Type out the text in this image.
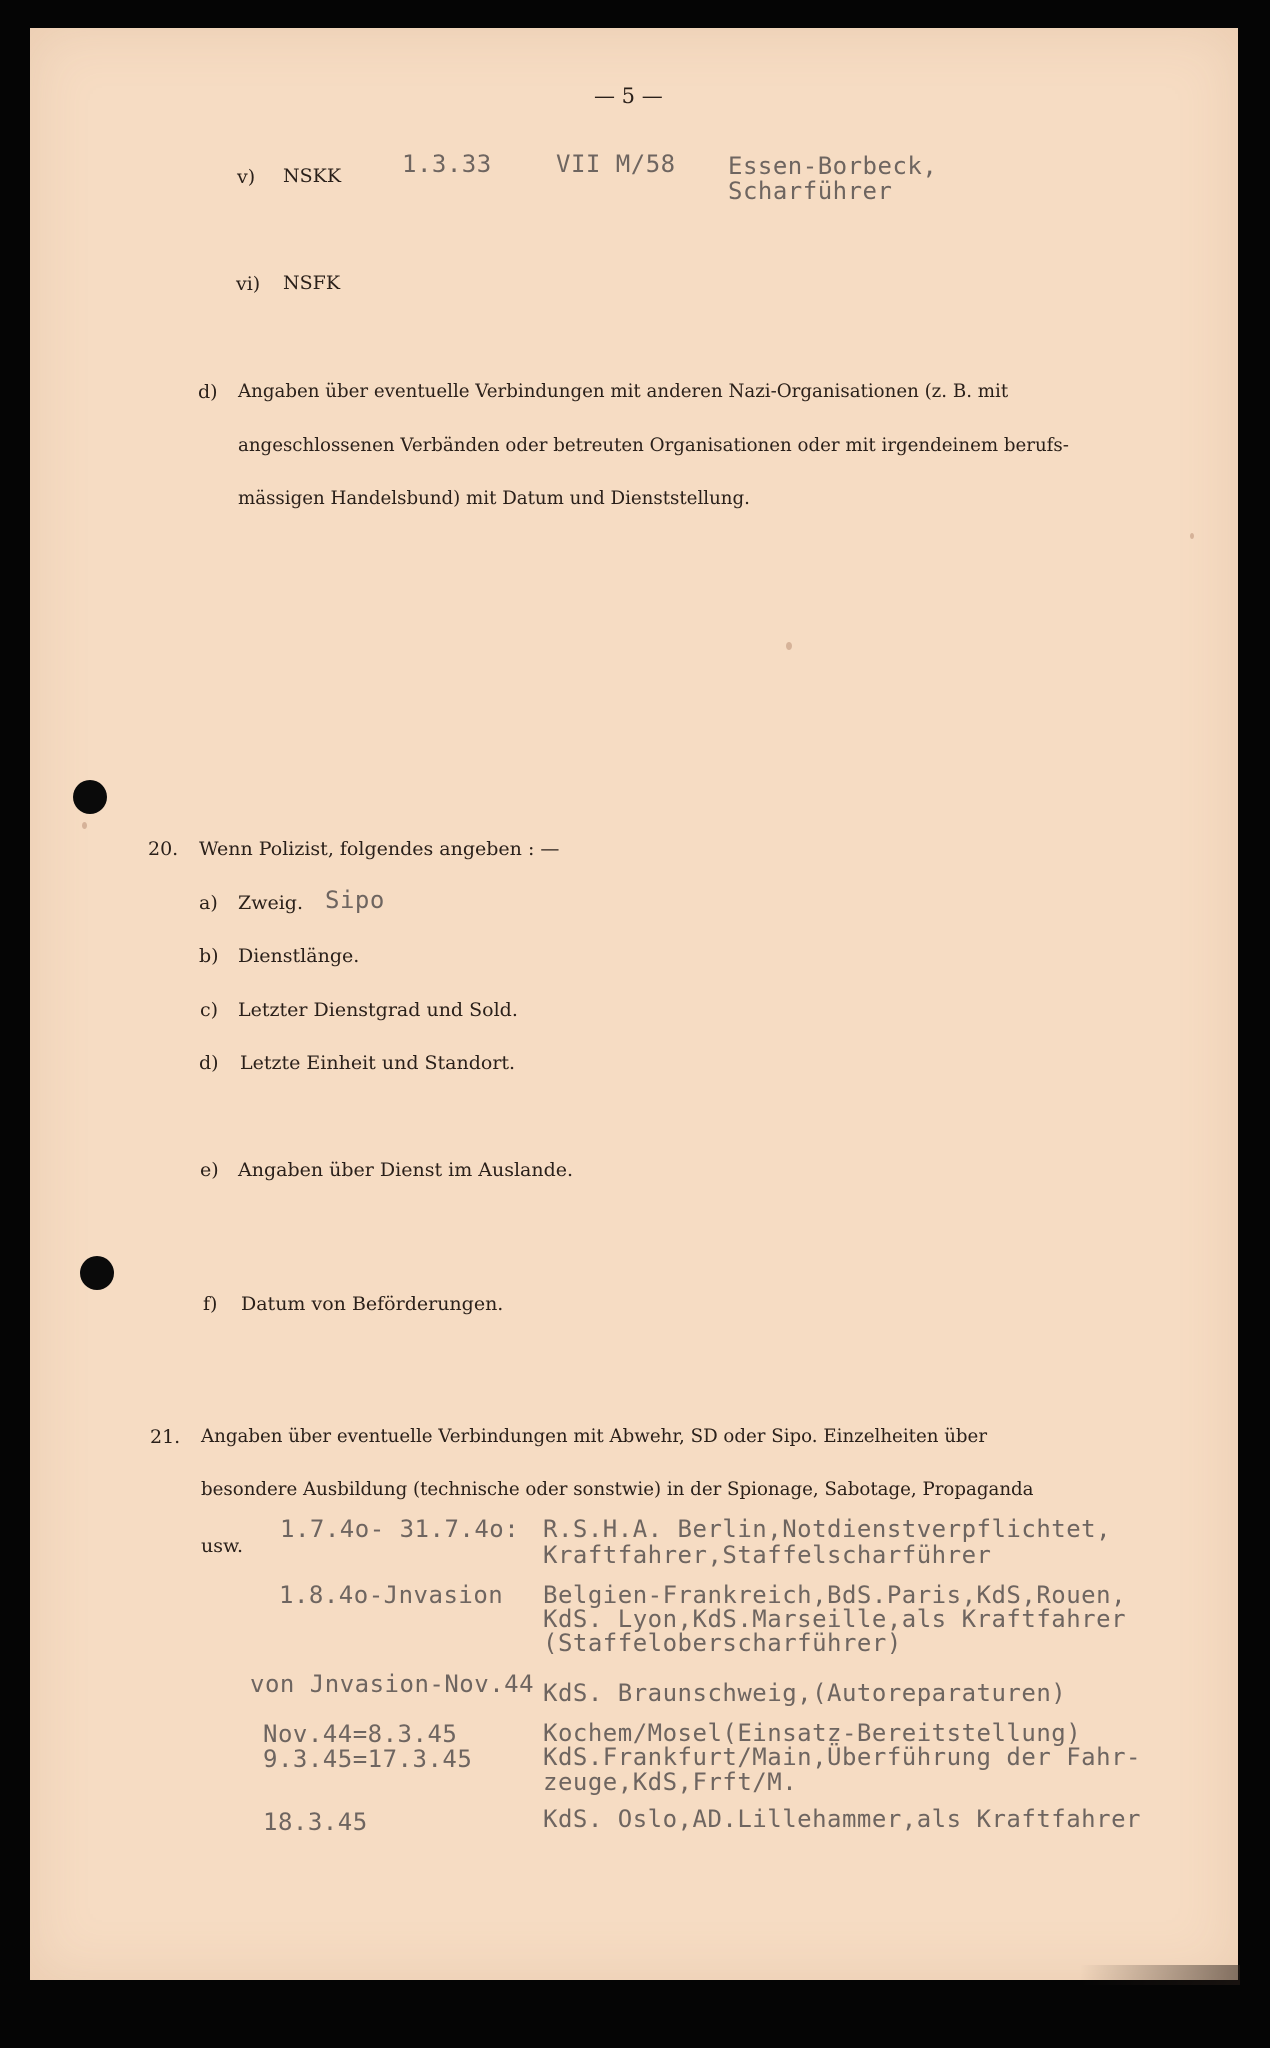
— 5 —
v) NSKK	1.3.33	VII M/58 Essen-Borbeck,
Scharführer
vi) NSFK
d) Angaben über eventuelle Verbindungen mit anderen Nazi-Organisationen (z. B. mit
angeschlossenen Verbänden oder betreuten Organisationen oder mit irgendeinem berufs-
mässigen Handelsbund) mit Datum und Dienststellung.
20. Wenn Polizist, folgendes angeben : —
a) Zweig. Sipo
b) Dienstlänge.
c) Letzter Dienstgrad und Sold.
d) Letzte Einheit und Standort.
e) Angaben über Dienst im Auslande.
f) Datum von Beförderungen.
21. Angaben über eventuelle Verbindungen mit Abwehr, SD oder Sipo. Einzelheiten über
besondere Ausbildung (technische oder sonstwie) in der Spionage, Sabotage, Propaganda
usw.
1.7.4o- 31.7.4o: R.S.H.A. Berlin,Notdienstverpflichtet,
Kraftfahrer,Staffelscharführer
1.8.4o-Jnvasion Belgien-Frankreich,BdS.Paris,KdS,Rouen,
KdS. Lyon,KdS.Marseille,als Kraftfahrer
(Staffeloberscharführer)
von Jnvasion-Nov.44 KdS. Braunschweig,(Autoreparaturen)
Nov.44=8.3.45	Kochem/Mosel(Einsatz-Bereitstellung)
9.3.45=17.3.45	KdS.Frankfurt/Main,Überführung der Fahr-
zeuge,KdS,Frft/M.
18.3.45	KdS. Oslo,AD.Lillehammer,als Kraftfahrer
